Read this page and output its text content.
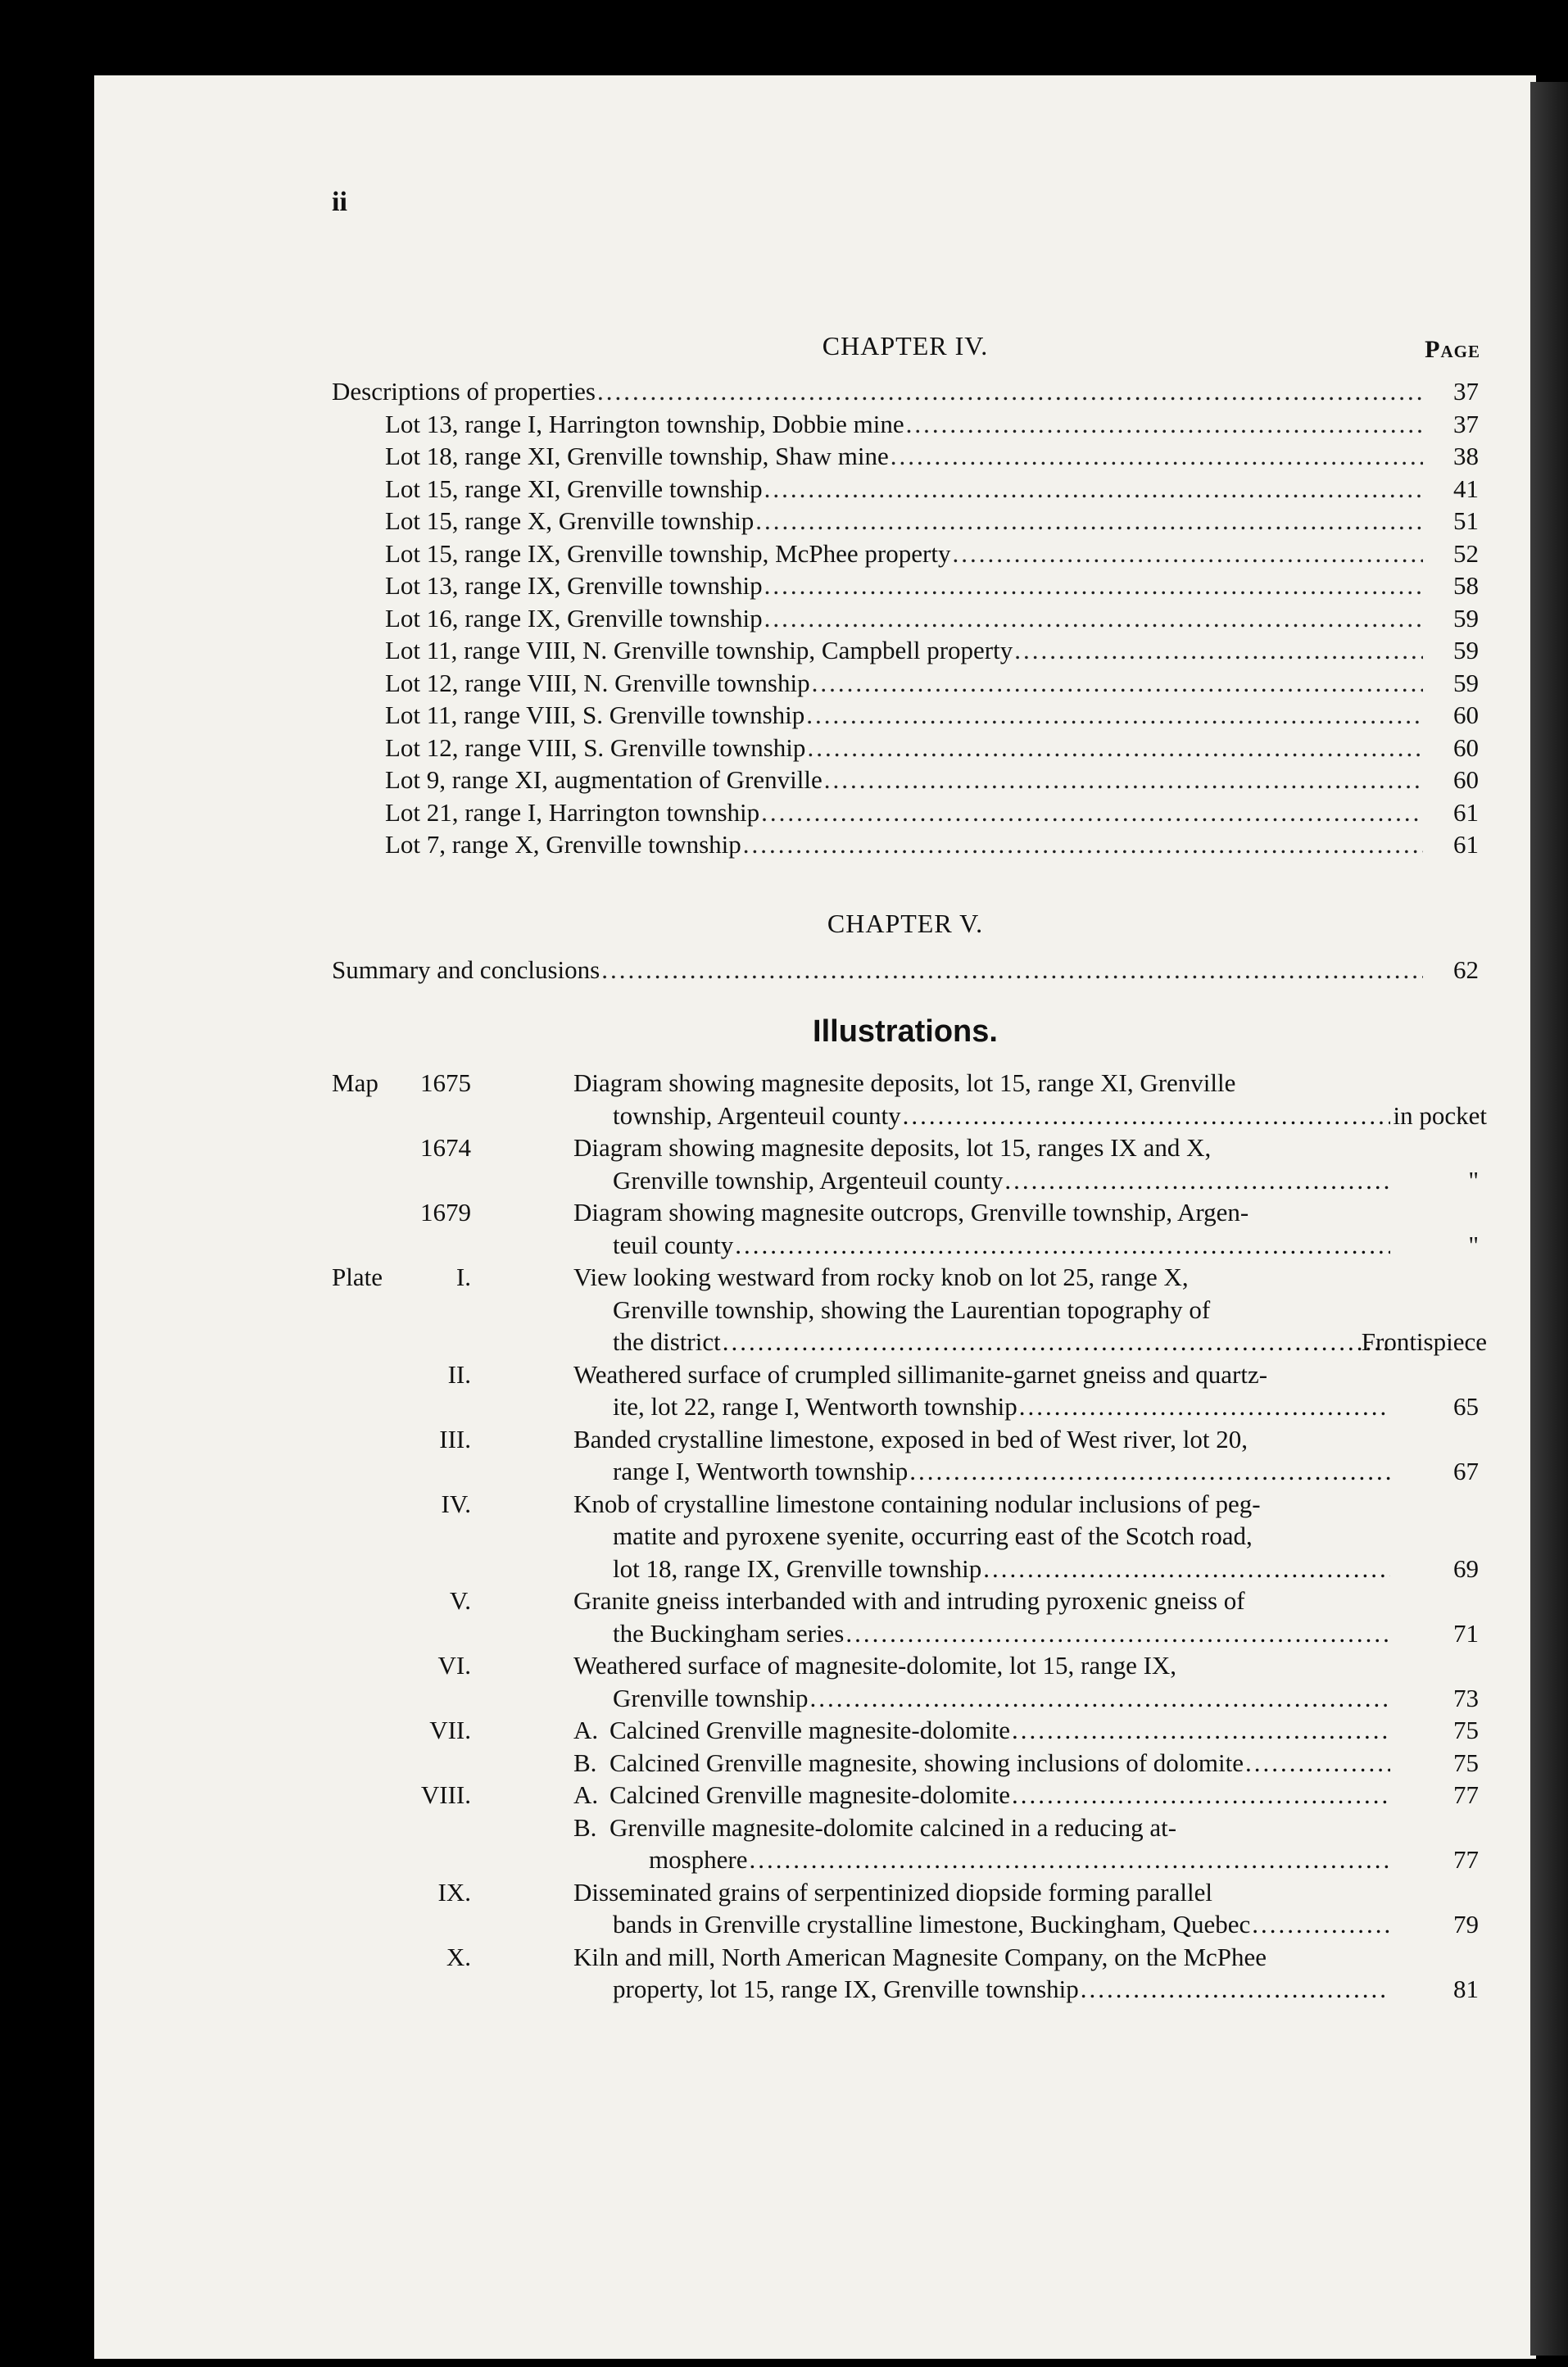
ii
CHAPTER IV.	Page
Descriptions of properties .....	37
Lot 13, range I, Harrington township, Dobbie mine .....	37
Lot 18, range XI, Grenville township, Shaw mine .....	38
Lot 15, range XI, Grenville township .....	41
Lot 15, range X, Grenville township .....	51
Lot 15, range IX, Grenville township, McPhee property .....	52
Lot 13, range IX, Grenville township .....	58
Lot 16, range IX, Grenville township .....	59
Lot 11, range VIII, N. Grenville township, Campbell property .....	59
Lot 12, range VIII, N. Grenville township .....	59
Lot 11, range VIII, S. Grenville township .....	60
Lot 12, range VIII, S. Grenville township .....	60
Lot 9, range XI, augmentation of Grenville .....	60
Lot 21, range I, Harrington township .....	61
Lot 7, range X, Grenville township .....	61
CHAPTER V.
Summary and conclusions .....	62
Illustrations.
Map	1675	Diagram showing magnesite deposits, lot 15, range XI, Grenville
township, Argenteuil county .....	in pocket
1674	Diagram showing magnesite deposits, lot 15, ranges IX and X,
Grenville township, Argenteuil county .....	"
1679	Diagram showing magnesite outcrops, Grenville township, Argen-
teuil county .....	"
Plate	I.	View looking westward from rocky knob on lot 25, range X,
Grenville township, showing the Laurentian topography of
the district .....	Frontispiece
II.	Weathered surface of crumpled sillimanite-garnet gneiss and quartz-
ite, lot 22, range I, Wentworth township .....	65
III.	Banded crystalline limestone, exposed in bed of West river, lot 20,
range I, Wentworth township .....	67
IV.	Knob of crystalline limestone containing nodular inclusions of peg-
matite and pyroxene syenite, occurring east of the Scotch road,
lot 18, range IX, Grenville township .....	69
V.	Granite gneiss interbanded with and intruding pyroxenic gneiss of
the Buckingham series .....	71
VI.	Weathered surface of magnesite-dolomite, lot 15, range IX,
Grenville township .....	73
VII.	A. Calcined Grenville magnesite-dolomite .....	75
B. Calcined Grenville magnesite, showing inclusions of dolomite .....	75
VIII.	A. Calcined Grenville magnesite-dolomite .....	77
B. Grenville magnesite-dolomite calcined in a reducing at-
mosphere .....	77
IX.	Disseminated grains of serpentinized diopside forming parallel
bands in Grenville crystalline limestone, Buckingham, Quebec .....	79
X.	Kiln and mill, North American Magnesite Company, on the McPhee
property, lot 15, range IX, Grenville township .....	81
